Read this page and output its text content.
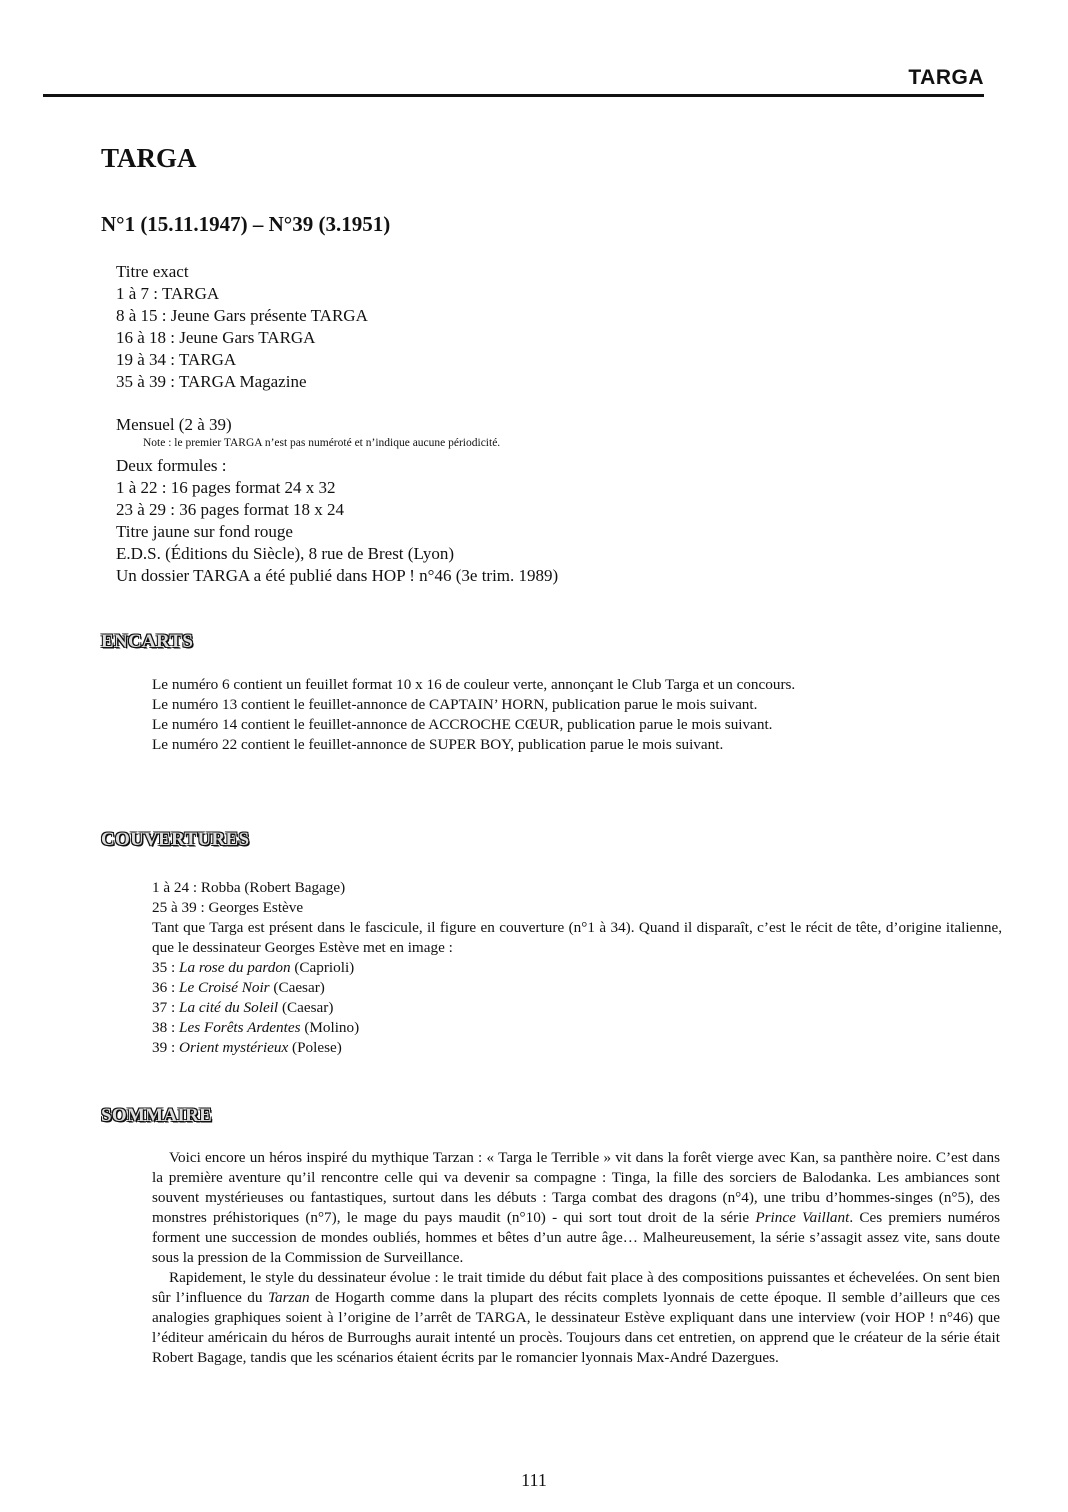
TARGA
TARGA
N°1 (15.11.1947) – N°39 (3.1951)
Titre exact
1 à 7 : TARGA
8 à 15 : Jeune Gars présente TARGA
16 à 18 : Jeune Gars TARGA
19 à 34 : TARGA
35 à 39 : TARGA Magazine
Mensuel (2 à 39)
Note : le premier TARGA n’est pas numéroté et n’indique aucune périodicité.
Deux formules :
1 à 22 : 16 pages format 24 x 32
23 à 29 : 36 pages format 18 x 24
Titre jaune sur fond rouge
E.D.S. (Éditions du Siècle), 8 rue de Brest (Lyon)
Un dossier TARGA a été publié dans HOP ! n°46 (3e trim. 1989)
ENCARTS
Le numéro 6 contient un feuillet format 10 x 16 de couleur verte, annonçant le Club Targa et un concours.
Le numéro 13 contient le feuillet-annonce de CAPTAIN’ HORN, publication parue le mois suivant.
Le numéro 14 contient le feuillet-annonce de ACCROCHE CŒUR, publication parue le mois suivant.
Le numéro 22 contient le feuillet-annonce de SUPER BOY, publication parue le mois suivant.
COUVERTURES
1 à 24 : Robba (Robert Bagage)
25 à 39 : Georges Estève
Tant que Targa est présent dans le fascicule, il figure en couverture (n°1 à 34). Quand il disparaît, c’est le récit de tête, d’origine italienne, que le dessinateur Georges Estève met en image :
35 : La rose du pardon (Caprioli)
36 : Le Croisé Noir (Caesar)
37 : La cité du Soleil (Caesar)
38 : Les Forêts Ardentes (Molino)
39 : Orient mystérieux (Polese)
SOMMAIRE

Voici encore un héros inspiré du mythique Tarzan : « Targa le Terrible » vit dans la forêt vierge avec Kan, sa panthère noire. C’est dans la première aventure qu’il rencontre celle qui va devenir sa compagne : Tinga, la fille des sorciers de Balodanka. Les ambiances sont souvent mystérieuses ou fantastiques, surtout dans les débuts : Targa combat des dragons (n°4), une tribu d’hommes-singes (n°5), des monstres préhistoriques (n°7), le mage du pays maudit (n°10) - qui sort tout droit de la série Prince Vaillant. Ces premiers numéros forment une succession de mondes oubliés, hommes et bêtes d’un autre âge… Malheureusement, la série s’assagit assez vite, sans doute sous la pression de la Commission de Surveillance.

Rapidement, le style du dessinateur évolue : le trait timide du début fait place à des compositions puissantes et échevelées. On sent bien sûr l’influence du Tarzan de Hogarth comme dans la plupart des récits complets lyonnais de cette époque. Il semble d’ailleurs que ces analogies graphiques soient à l’origine de l’arrêt de TARGA, le dessinateur Estève expliquant dans une interview (voir HOP ! n°46) que l’éditeur américain du héros de Burroughs aurait intenté un procès. Toujours dans cet entretien, on apprend que le créateur de la série était Robert Bagage, tandis que les scénarios étaient écrits par le romancier lyonnais Max-André Dazergues.

111
